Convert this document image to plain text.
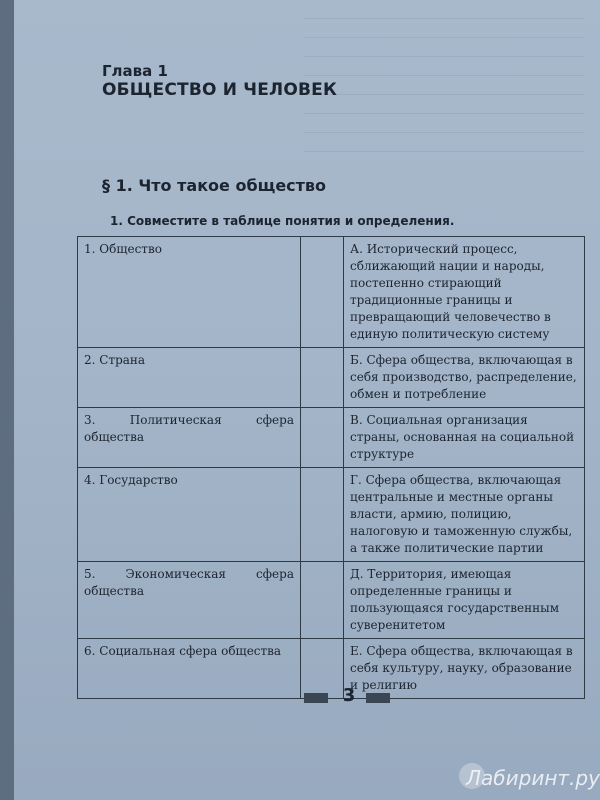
Глава 1
ОБЩЕСТВО И ЧЕЛОВЕК
§ 1. Что такое общество
1. Совместите в таблице понятия и определения.
1. Общество		А. Исторический процесс, сближающий нации и народы, постепенно стирающий традиционные границы и превращающий человечество в единую политическую систему

2. Страна		Б. Сфера общества, включающая в себя производство, распределение, обмен и потребление

3. Политическая сфера общества		В. Социальная организация страны, основанная на социальной структуре

4. Государство		Г. Сфера общества, включающая центральные и местные органы власти, армию, полицию, налоговую и таможенную службы, а также политические партии

5. Экономическая сфера общества		Д. Территория, имеющая определенные границы и пользующаяся государственным суверенитетом

6. Социальная сфера общества		Е. Сфера общества, включающая в себя культуру, науку, образование и религию
3
Лабиринт.ру
